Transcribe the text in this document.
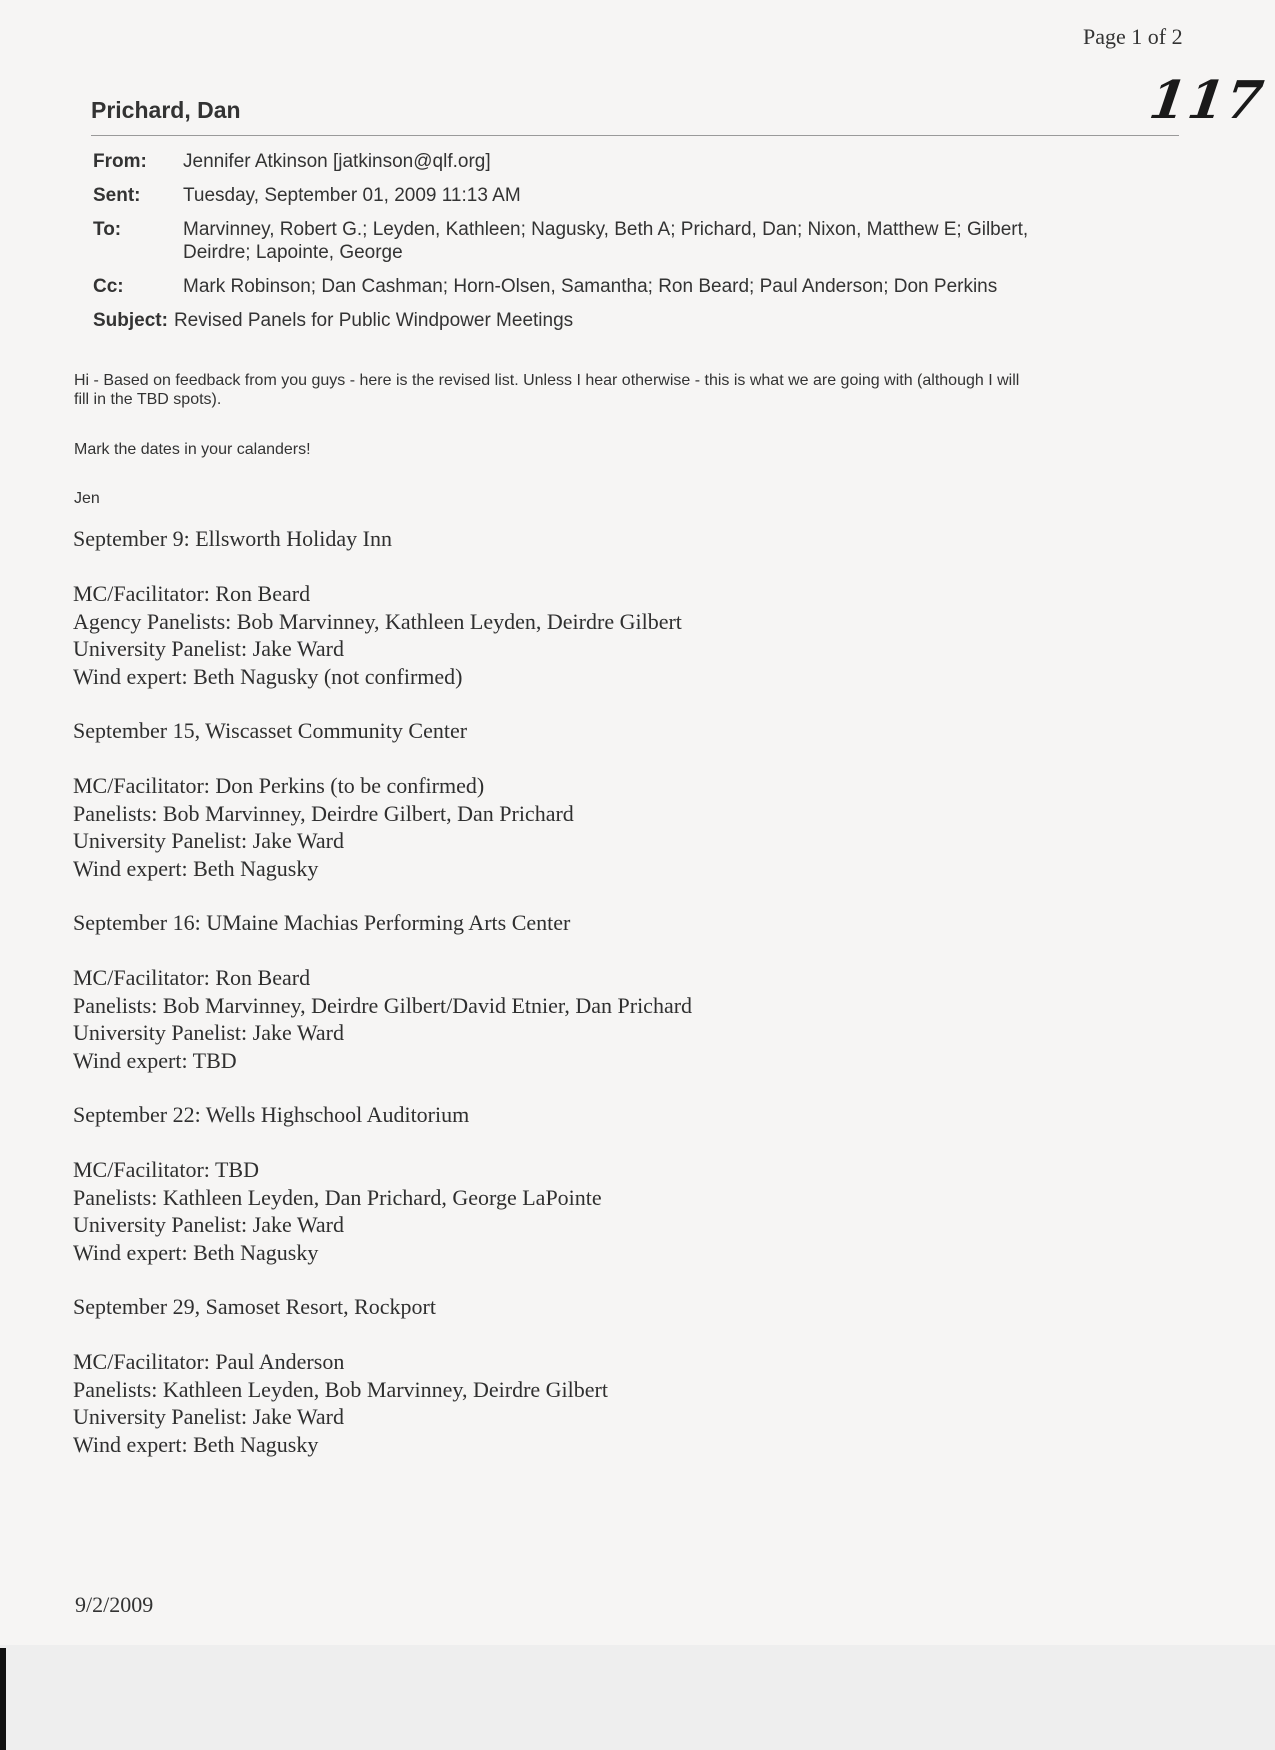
Page 1 of 2
117
Prichard, Dan
From:	Jennifer Atkinson [jatkinson@qlf.org]
Sent:	Tuesday, September 01, 2009 11:13 AM
To:	Marvinney, Robert G.; Leyden, Kathleen; Nagusky, Beth A; Prichard, Dan; Nixon, Matthew E; Gilbert,
Deirdre; Lapointe, George
Cc:	Mark Robinson; Dan Cashman; Horn-Olsen, Samantha; Ron Beard; Paul Anderson; Don Perkins
Subject: Revised Panels for Public Windpower Meetings
Hi - Based on feedback from you guys - here is the revised list. Unless I hear otherwise - this is what we are going with (although I will
fill in the TBD spots).
Mark the dates in your calanders!
Jen
September 9: Ellsworth Holiday Inn
MC/Facilitator: Ron Beard
Agency Panelists: Bob Marvinney, Kathleen Leyden, Deirdre Gilbert
University Panelist: Jake Ward
Wind expert: Beth Nagusky (not confirmed)
September 15, Wiscasset Community Center
MC/Facilitator: Don Perkins (to be confirmed)
Panelists: Bob Marvinney, Deirdre Gilbert, Dan Prichard
University Panelist: Jake Ward
Wind expert: Beth Nagusky
September 16: UMaine Machias Performing Arts Center
MC/Facilitator: Ron Beard
Panelists: Bob Marvinney, Deirdre Gilbert/David Etnier, Dan Prichard
University Panelist: Jake Ward
Wind expert: TBD
September 22: Wells Highschool Auditorium
MC/Facilitator: TBD
Panelists: Kathleen Leyden, Dan Prichard, George LaPointe
University Panelist: Jake Ward
Wind expert: Beth Nagusky
September 29, Samoset Resort, Rockport
MC/Facilitator: Paul Anderson
Panelists: Kathleen Leyden, Bob Marvinney, Deirdre Gilbert
University Panelist: Jake Ward
Wind expert: Beth Nagusky
9/2/2009
